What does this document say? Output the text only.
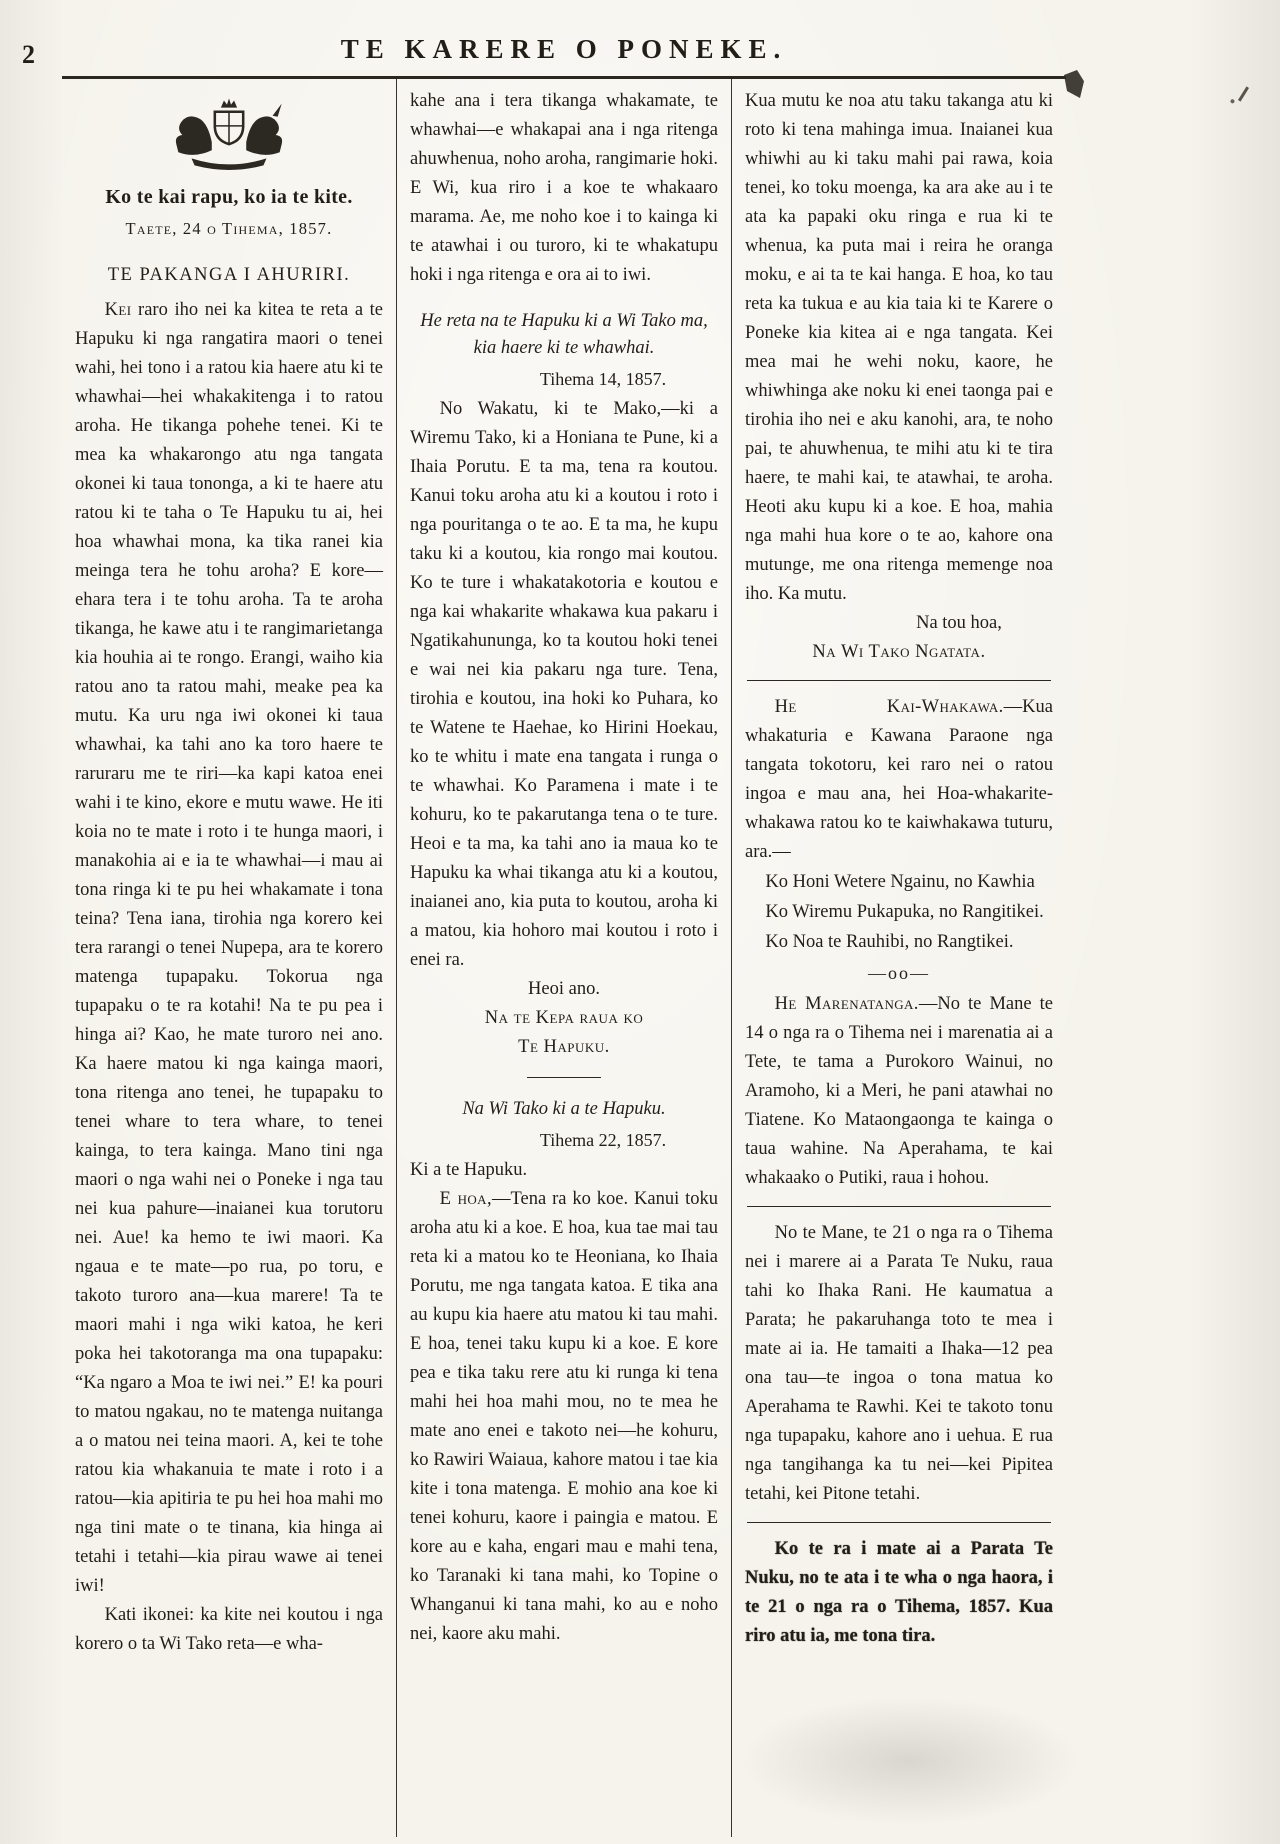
2	TE KARERE O PONEKE.
Ko te kai rapu, ko ia te kite.
Taete, 24 o Tihema, 1857.
TE PAKANGA I AHURIRI.

Kei raro iho nei ka kitea te reta a te Hapuku ki nga rangatira maori o tenei wahi, hei tono i a ratou kia haere atu ki te whawhai—hei whakakitenga i to ratou aroha. He tikanga pohehe tenei. Ki te mea ka whakarongo atu nga tangata okonei ki taua tononga, a ki te haere atu ratou ki te taha o Te Hapuku tu ai, hei hoa whawhai mona, ka tika ranei kia meinga tera he tohu aroha? E kore—ehara tera i te tohu aroha. Ta te aroha tikanga, he kawe atu i te rangimarietanga kia houhia ai te rongo. Erangi, waiho kia ratou ano ta ratou mahi, meake pea ka mutu. Ka uru nga iwi okonei ki taua whawhai, ka tahi ano ka toro haere te raruraru me te riri—ka kapi katoa enei wahi i te kino, ekore e mutu wawe. He iti koia no te mate i roto i te hunga maori, i manakohia ai e ia te whawhai—i mau ai tona ringa ki te pu hei whakamate i tona teina? Tena iana, tirohia nga korero kei tera rarangi o tenei Nupepa, ara te korero matenga tupapaku. Tokorua nga tupapaku o te ra kotahi! Na te pu pea i hinga ai? Kao, he mate turoro nei ano. Ka haere matou ki nga kainga maori, tona ritenga ano tenei, he tupapaku to tenei whare to tera whare, to tenei kainga, to tera kainga. Mano tini nga maori o nga wahi nei o Poneke i nga tau nei kua pahure—inaianei kua torutoru nei. Aue! ka hemo te iwi maori. Ka ngaua e te mate—po rua, po toru, e takoto turoro ana—kua marere! Ta te maori mahi i nga wiki katoa, he keri poka hei takotoranga ma ona tupapaku: “Ka ngaro a Moa te iwi nei.” E! ka pouri to matou ngakau, no te matenga nuitanga a o matou nei teina maori. A, kei te tohe ratou kia whakanuia te mate i roto i a ratou—kia apitiria te pu hei hoa mahi mo nga tini mate o te tinana, kia hinga ai tetahi i tetahi—kia pirau wawe ai tenei iwi!

Kati ikonei: ka kite nei koutou i nga korero o ta Wi Tako reta—e wha-

kahe ana i tera tikanga whakamate, te whawhai—e whakapai ana i nga ritenga ahuwhenua, noho aroha, rangimarie hoki. E Wi, kua riro i a koe te whakaaro marama. Ae, me noho koe i to kainga ki te atawhai i ou turoro, ki te whakatupu hoki i nga ritenga e ora ai to iwi.

He reta na te Hapuku ki a Wi Tako ma, kia haere ki te whawhai.
Tihema 14, 1857.

No Wakatu, ki te Mako,—ki a Wiremu Tako, ki a Honiana te Pune, ki a Ihaia Porutu. E ta ma, tena ra koutou. Kanui toku aroha atu ki a koutou i roto i nga pouritanga o te ao. E ta ma, he kupu taku ki a koutou, kia rongo mai koutou. Ko te ture i whakatakotoria e koutou e nga kai whakarite whakawa kua pakaru i Ngatikahununga, ko ta koutou hoki tenei e wai nei kia pakaru nga ture. Tena, tirohia e koutou, ina hoki ko Puhara, ko te Watene te Haehae, ko Hirini Hoekau, ko te whitu i mate ena tangata i runga o te whawhai. Ko Paramena i mate i te kohuru, ko te pakarutanga tena o te ture. Heoi e ta ma, ka tahi ano ia maua ko te Hapuku ka whai tikanga atu ki a koutou, inaianei ano, kia puta to koutou, aroha ki a matou, kia hohoro mai koutou i roto i enei ra.

Heoi ano.
Na te Kepa raua ko
Te Hapuku.
Na Wi Tako ki a te Hapuku.
Tihema 22, 1857.

Ki a te Hapuku.

E hoa,—Tena ra ko koe. Kanui toku aroha atu ki a koe. E hoa, kua tae mai tau reta ki a matou ko te Heoniana, ko Ihaia Porutu, me nga tangata katoa. E tika ana au kupu kia haere atu matou ki tau mahi. E hoa, tenei taku kupu ki a koe. E kore pea e tika taku rere atu ki runga ki tena mahi hei hoa mahi mou, no te mea he mate ano enei e takoto nei—he kohuru, ko Rawiri Waiaua, kahore matou i tae kia kite i tona matenga. E mohio ana koe ki tenei kohuru, kaore i paingia e matou. E kore au e kaha, engari mau e mahi tena, ko Taranaki ki tana mahi, ko Topine o Whanganui ki tana mahi, ko au e noho nei, kaore aku mahi.

Kua mutu ke noa atu taku takanga atu ki roto ki tena mahinga imua. Inaianei kua whiwhi au ki taku mahi pai rawa, koia tenei, ko toku moenga, ka ara ake au i te ata ka papaki oku ringa e rua ki te whenua, ka puta mai i reira he oranga moku, e ai ta te kai hanga. E hoa, ko tau reta ka tukua e au kia taia ki te Karere o Poneke kia kitea ai e nga tangata. Kei mea mai he wehi noku, kaore, he whiwhinga ake noku ki enei taonga pai e tirohia iho nei e aku kanohi, ara, te noho pai, te ahuwhenua, te mihi atu ki te tira haere, te mahi kai, te atawhai, te aroha. Heoti aku kupu ki a koe. E hoa, mahia nga mahi hua kore o te ao, kahore ona mutunge, me ona ritenga memenge noa iho. Ka mutu.

Na tou hoa,
Na Wi Tako Ngatata.

He Kai-Whakawa.—Kua whakaturia e Kawana Paraone nga tangata tokotoru, kei raro nei o ratou ingoa e mau ana, hei Hoa-whakarite-whakawa ratou ko te kaiwhakawa tuturu, ara.—

Ko Honi Wetere Ngainu, no Kawhia
Ko Wiremu Pukapuka, no Rangitikei.
Ko Noa te Rauhibi, no Rangtikei.
—oo—

He Marenatanga.—No te Mane te 14 o nga ra o Tihema nei i marenatia ai a Tete, te tama a Purokoro Wainui, no Aramoho, ki a Meri, he pani atawhai no Tiatene. Ko Mataongaonga te kainga o taua wahine. Na Aperahama, te kai whakaako o Putiki, raua i hohou.

No te Mane, te 21 o nga ra o Tihema nei i marere ai a Parata Te Nuku, raua tahi ko Ihaka Rani. He kaumatua a Parata; he pakaruhanga toto te mea i mate ai ia. He tamaiti a Ihaka—12 pea ona tau—te ingoa o tona matua ko Aperahama te Rawhi. Kei te takoto tonu nga tupapaku, kahore ano i uehua. E rua nga tangihanga ka tu nei—kei Pipitea tetahi, kei Pitone tetahi.

Ko te ra i mate ai a Parata Te Nuku, no te ata i te wha o nga haora, i te 21 o nga ra o Tihema, 1857. Kua riro atu ia, me tona tira.
